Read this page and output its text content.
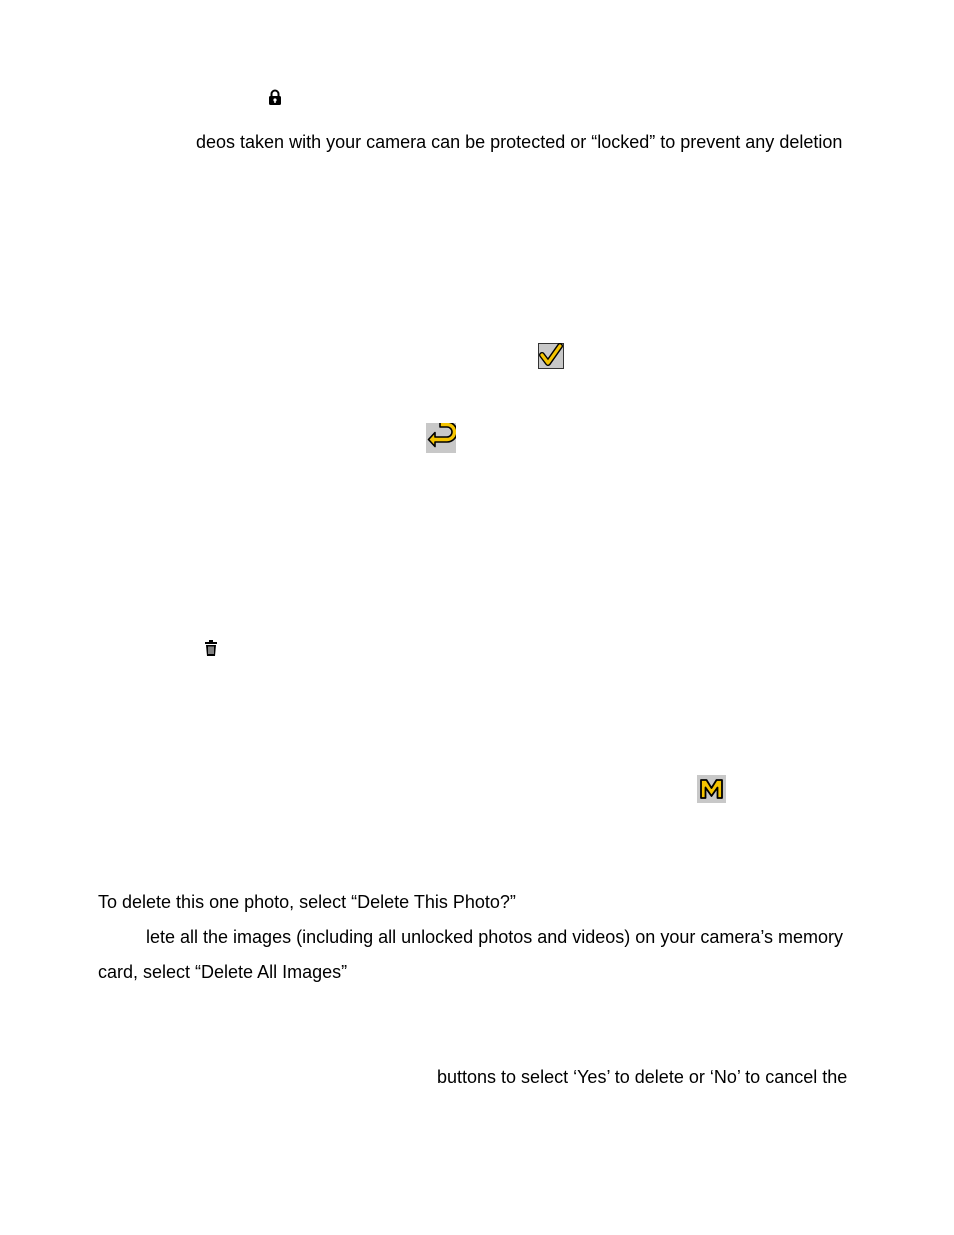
deos taken with your camera can be protected or “locked” to prevent any deletion
To delete this one photo, select “Delete This Photo?”
lete all the images (including all unlocked photos and videos) on your camera’s memory
card, select “Delete All Images”
buttons to select ‘Yes’ to delete or ‘No’ to cancel the
